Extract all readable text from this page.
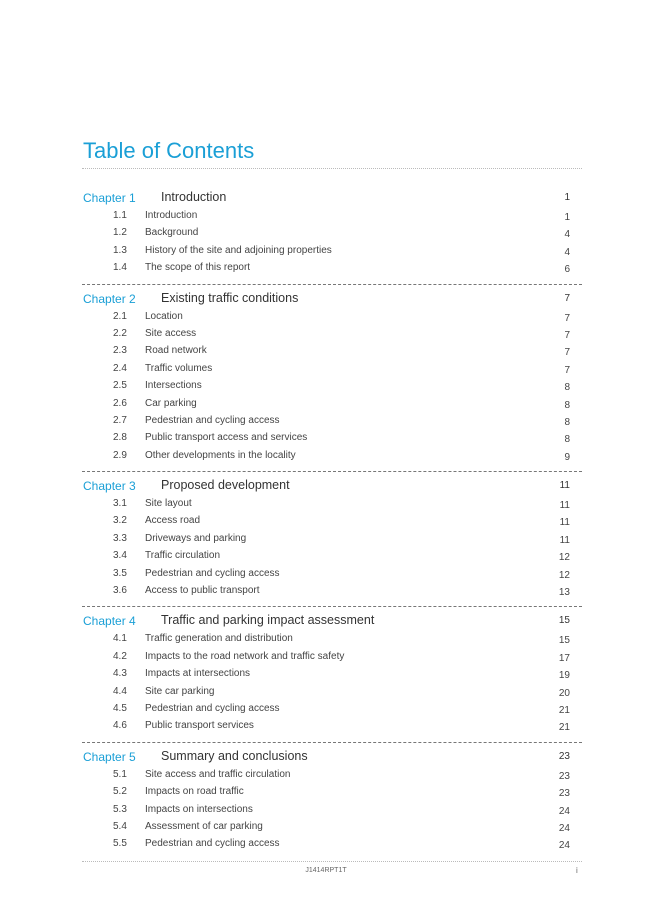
Table of Contents
Chapter 1 Introduction	1
1.1 Introduction	1
1.2 Background	4
1.3 History of the site and adjoining properties	4
1.4 The scope of this report	6
Chapter 2 Existing traffic conditions	7
2.1 Location	7
2.2 Site access	7
2.3 Road network	7
2.4 Traffic volumes	7
2.5 Intersections	8
2.6 Car parking	8
2.7 Pedestrian and cycling access	8
2.8 Public transport access and services	8
2.9 Other developments in the locality	9
Chapter 3 Proposed development	11
3.1 Site layout	11
3.2 Access road	11
3.3 Driveways and parking	11
3.4 Traffic circulation	12
3.5 Pedestrian and cycling access	12
3.6 Access to public transport	13
Chapter 4 Traffic and parking impact assessment	15
4.1 Traffic generation and distribution	15
4.2 Impacts to the road network and traffic safety	17
4.3 Impacts at intersections	19
4.4 Site car parking	20
4.5 Pedestrian and cycling access	21
4.6 Public transport services	21
Chapter 5 Summary and conclusions	23
5.1 Site access and traffic circulation	23
5.2 Impacts on road traffic	23
5.3 Impacts on intersections	24
5.4 Assessment of car parking	24
5.5 Pedestrian and cycling access	24
J1414RPT1T	i
